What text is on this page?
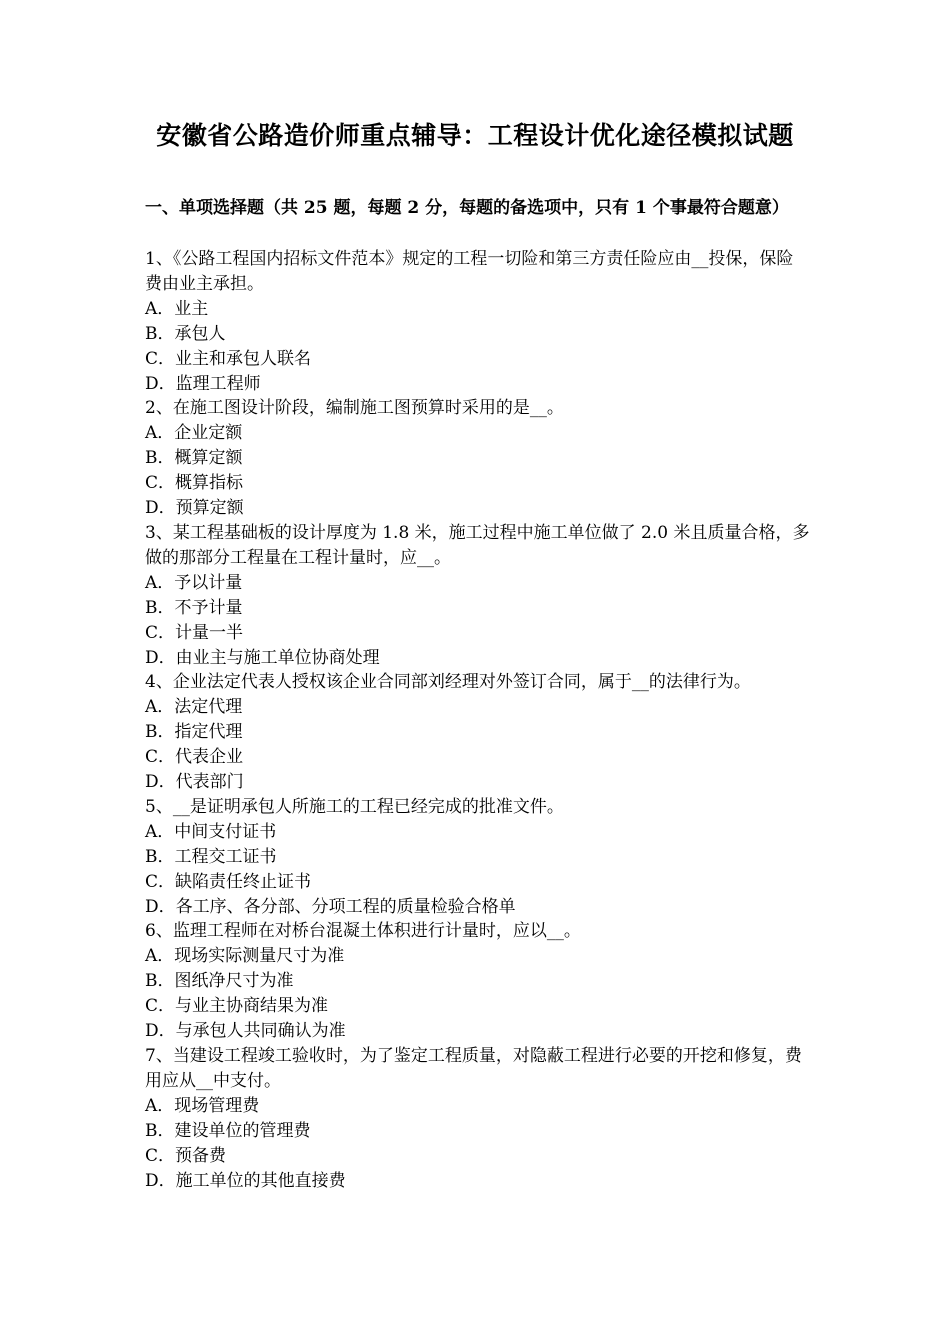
安徽省公路造价师重点辅导：工程设计优化途径模拟试题
一、单项选择题（共 25 题，每题 2 分，每题的备选项中，只有 1 个事最符合题意）

1、《公路工程国内招标文件范本》规定的工程一切险和第三方责任险应由__投保，保险费由业主承担。

A．业主

B．承包人

C．业主和承包人联名

D．监理工程师

2、在施工图设计阶段，编制施工图预算时采用的是__。

A．企业定额

B．概算定额

C．概算指标

D．预算定额

3、某工程基础板的设计厚度为 1.8 米，施工过程中施工单位做了 2.0 米且质量合格，多做的那部分工程量在工程计量时，应__。

A．予以计量

B．不予计量

C．计量一半

D．由业主与施工单位协商处理

4、企业法定代表人授权该企业合同部刘经理对外签订合同，属于__的法律行为。

A．法定代理

B．指定代理

C．代表企业

D．代表部门

5、__是证明承包人所施工的工程已经完成的批准文件。

A．中间支付证书

B．工程交工证书

C．缺陷责任终止证书

D．各工序、各分部、分项工程的质量检验合格单

6、监理工程师在对桥台混凝土体积进行计量时，应以__。

A．现场实际测量尺寸为准

B．图纸净尺寸为准

C．与业主协商结果为准

D．与承包人共同确认为准

7、当建设工程竣工验收时，为了鉴定工程质量，对隐蔽工程进行必要的开挖和修复，费用应从__中支付。

A．现场管理费

B．建设单位的管理费

C．预备费

D．施工单位的其他直接费
